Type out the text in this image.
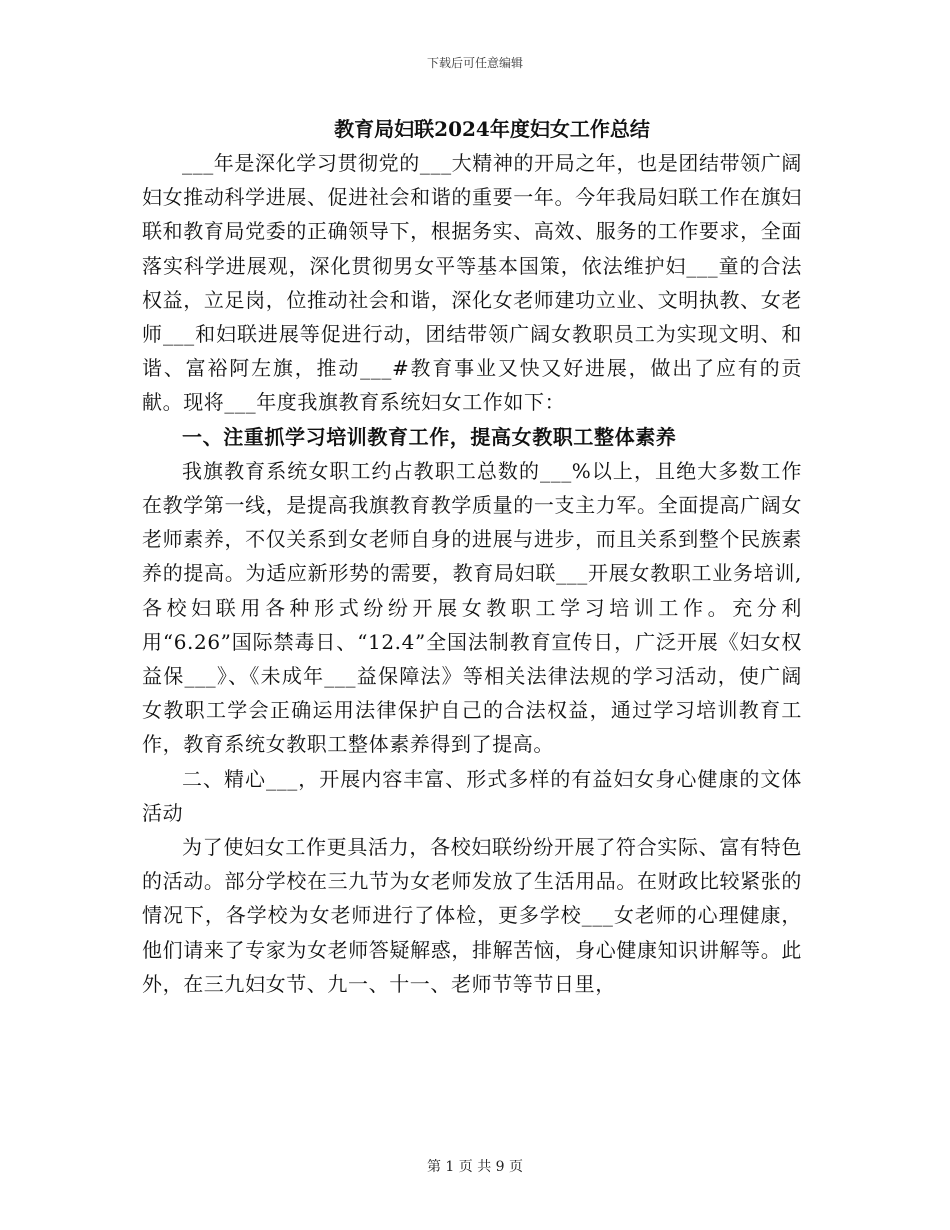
下载后可任意编辑
教育局妇联2024年度妇女工作总结

___年是深化学习贯彻党的___大精神的开局之年，也是团结带领广阔妇女推动科学进展、促进社会和谐的重要一年。今年我局妇联工作在旗妇联和教育局党委的正确领导下，根据务实、高效、服务的工作要求，全面落实科学进展观，深化贯彻男女平等基本国策，依法维护妇___童的合法权益，立足岗，位推动社会和谐，深化女老师建功立业、文明执教、女老师___和妇联进展等促进行动，团结带领广阔女教职员工为实现文明、和谐、富裕阿左旗，推动___#教育事业又快又好进展，做出了应有的贡献。现将___年度我旗教育系统妇女工作如下：

一、注重抓学习培训教育工作，提高女教职工整体素养

我旗教育系统女职工约占教职工总数的___%以上，且绝大多数工作在教学第一线，是提高我旗教育教学质量的一支主力军。全面提高广阔女老师素养，不仅关系到女老师自身的进展与进步，而且关系到整个民族素养的提高。为适应新形势的需要，教育局妇联___开展女教职工业务培训,各校妇联用各种形式纷纷开展女教职工学习培训工作。充分利用“6.26”国际禁毒日、“12.4”全国法制教育宣传日，广泛开展《妇女权益保___》、《未成年___益保障法》等相关法律法规的学习活动，使广阔女教职工学会正确运用法律保护自己的合法权益，通过学习培训教育工作，教育系统女教职工整体素养得到了提高。

二、精心___，开展内容丰富、形式多样的有益妇女身心健康的文体活动

为了使妇女工作更具活力，各校妇联纷纷开展了符合实际、富有特色的活动。部分学校在三九节为女老师发放了生活用品。在财政比较紧张的情况下，各学校为女老师进行了体检，更多学校___女老师的心理健康，他们请来了专家为女老师答疑解惑，排解苦恼，身心健康知识讲解等。此外，在三九妇女节、九一、十一、老师节等节日里，

第 1 页 共 9 页
